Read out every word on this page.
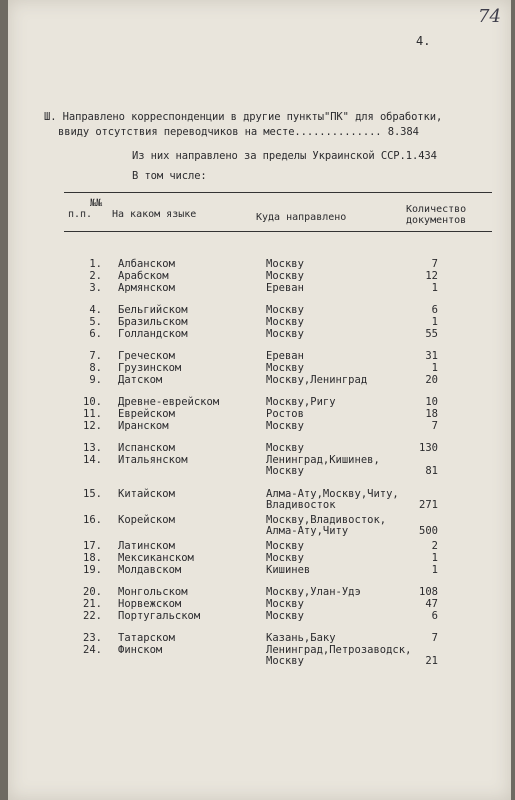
74
4.
Ш. Направлено корреспонденции в другие пункты"ПК" для обработки,
ввиду отсутствия переводчиков на месте.............. 8.384
Из них направлено за пределы Украинской ССР.1.434
В том числе:
№№
п.п. На каком языке	Куда направлено
Количество
документов
1. Албанском	Москву	7
2. Арабском	Москву	12
3. Армянском	Ереван	1
4. Бельгийском	Москву	6
5. Бразильском	Москву	1
6. Голландском	Москву	55
7. Греческом	Ереван	31
8. Грузинском	Москву	1
9. Датском	Москву,Ленинград	20
10. Древне-еврейском	Москву,Ригу	10
11. Еврейском	Ростов	18
12. Иранском	Москву	7
13. Испанском	Москву	130
14. Итальянском	Ленинград,Кишинев,
Москву	81
15. Китайском	Алма-Ату,Москву,Читу,
Владивосток	271
16. Корейском	Москву,Владивосток,
Алма-Ату,Читу	500
17. Латинском	Москву	2
18. Мексиканском	Москву	1
19. Молдавском	Кишинев	1
20. Монгольском	Москву,Улан-Удэ	108
21. Норвежском	Москву	47
22. Португальском	Москву	6
23. Татарском	Казань,Баку	7
24. Финском	Ленинград,Петрозаводск,
Москву	21
